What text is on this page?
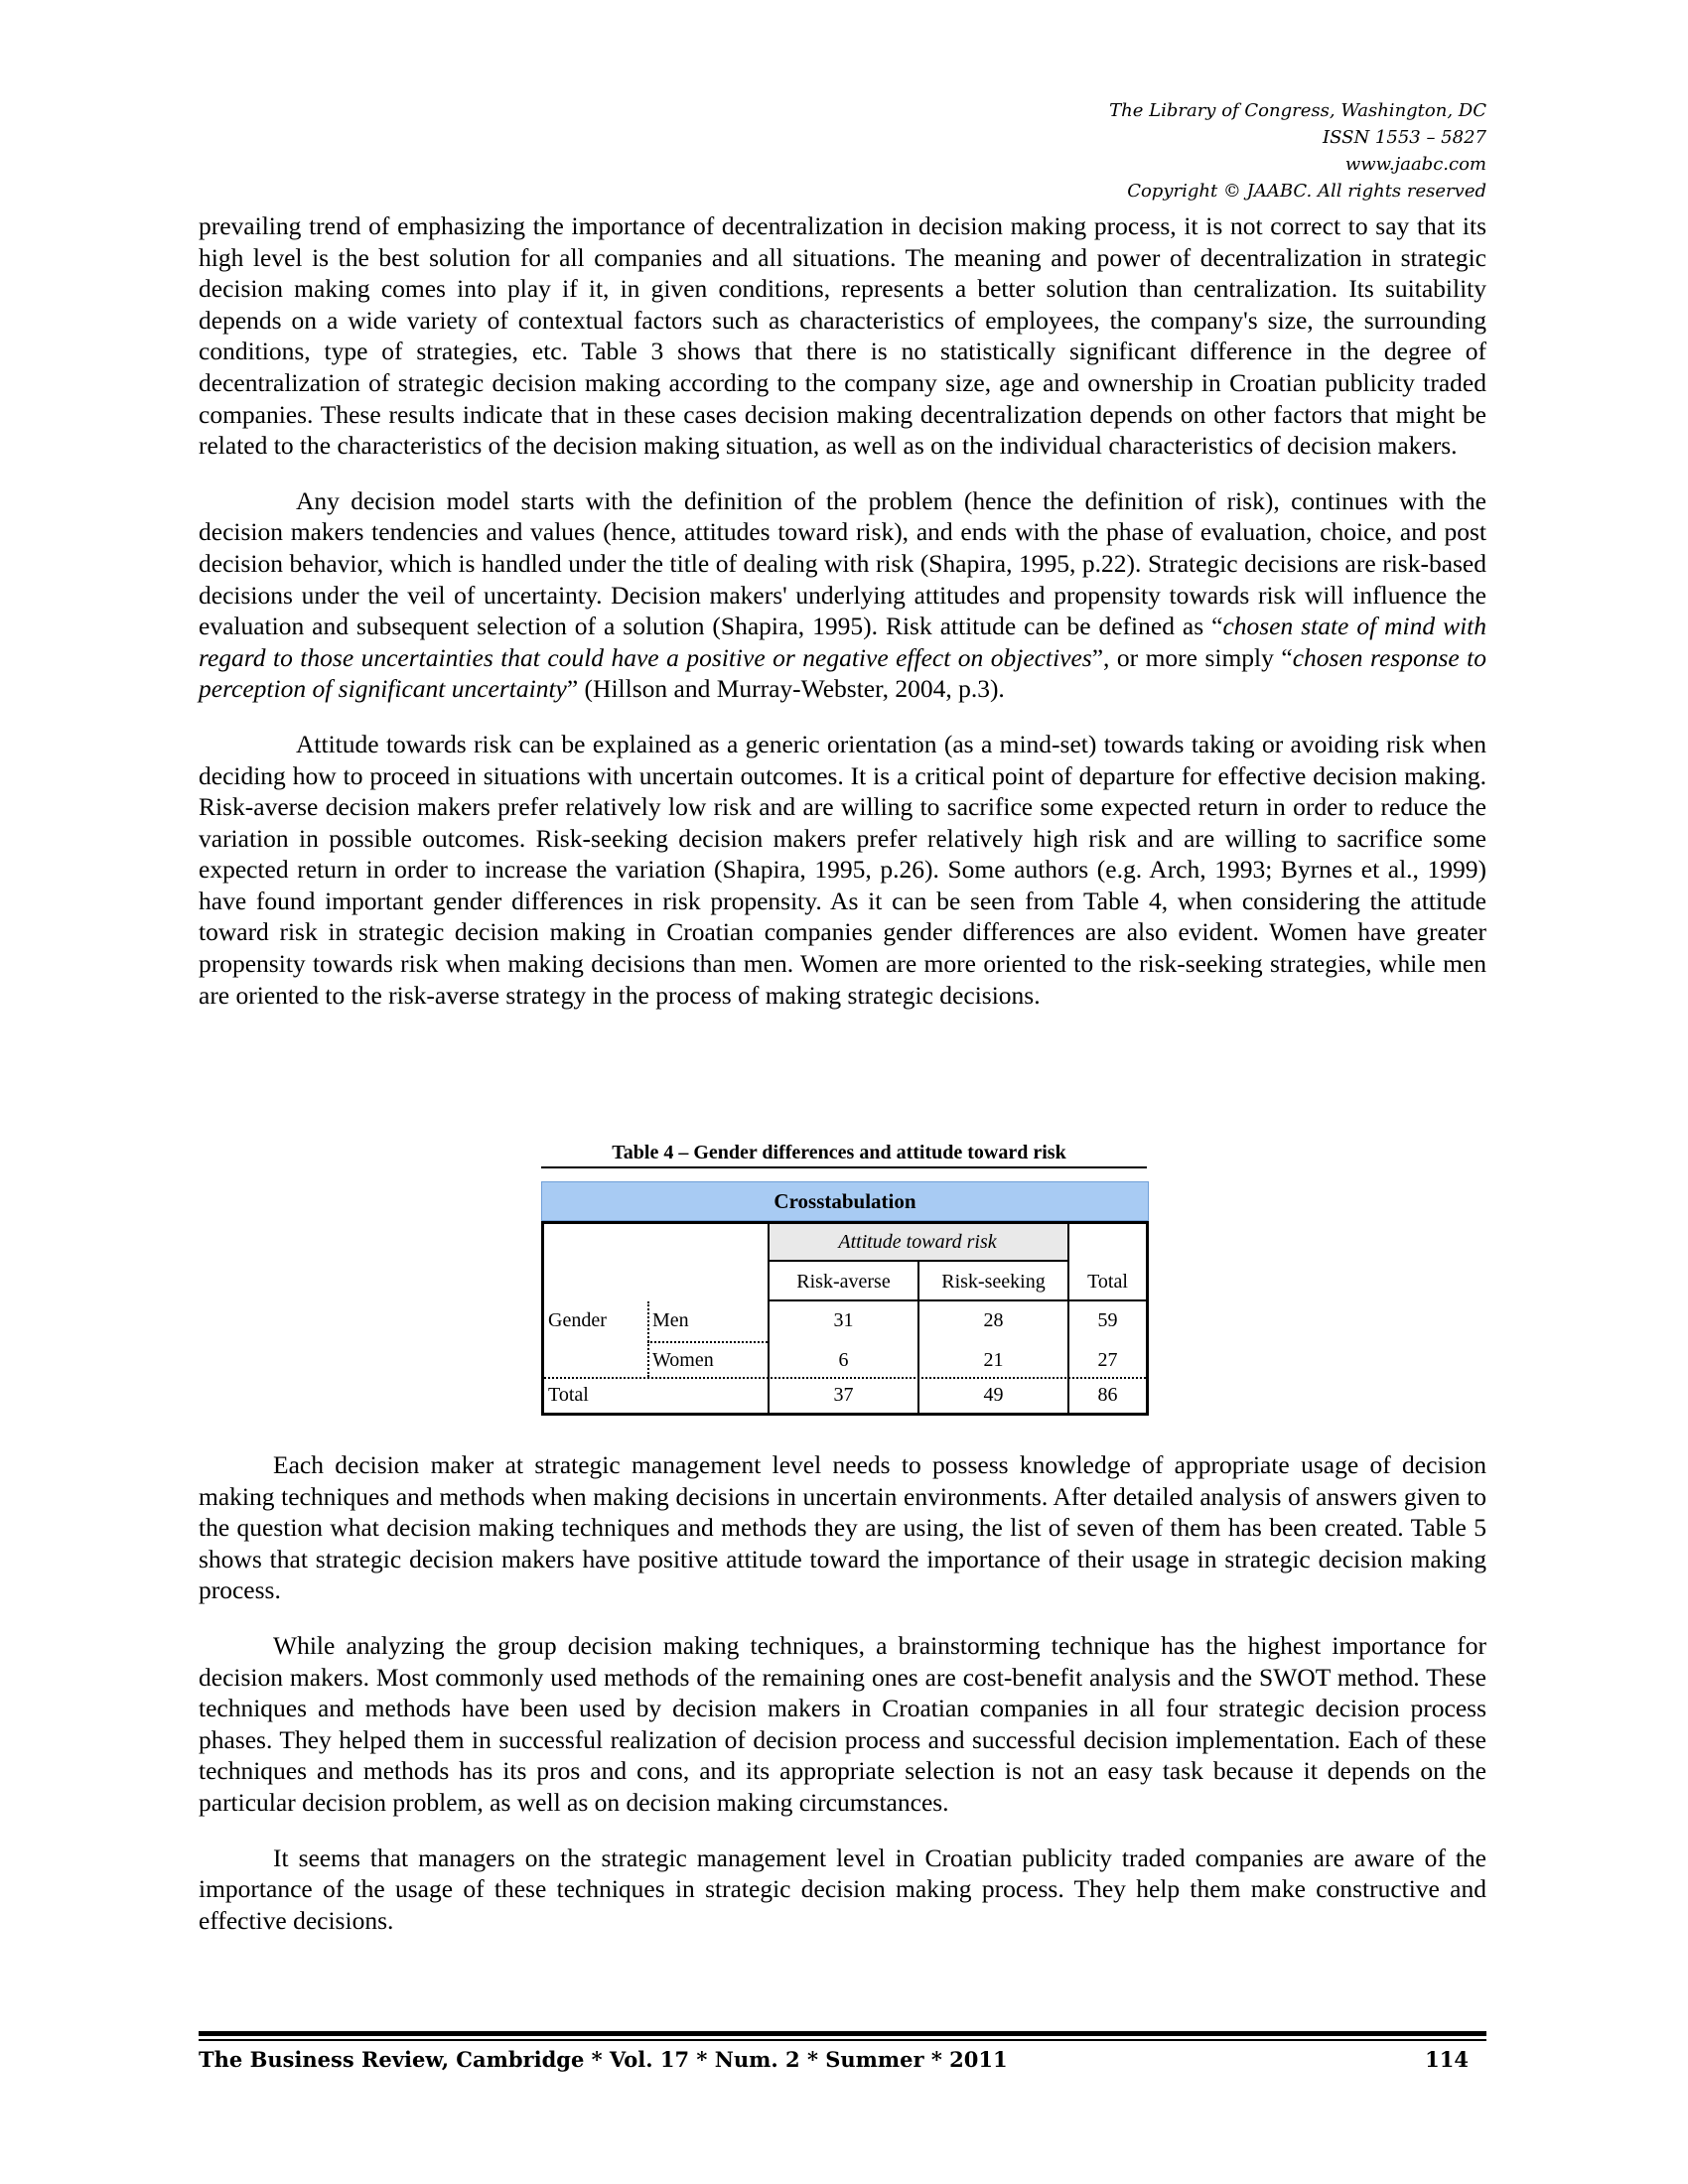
The Library of Congress, Washington, DC
ISSN 1553 – 5827
www.jaabc.com
Copyright © JAABC. All rights reserved

prevailing trend of emphasizing the importance of decentralization in decision making process, it is not correct to say that its high level is the best solution for all companies and all situations. The meaning and power of decentralization in strategic decision making comes into play if it, in given conditions, represents a better solution than centralization. Its suitability depends on a wide variety of contextual factors such as characteristics of employees, the company's size, the surrounding conditions, type of strategies, etc. Table 3 shows that there is no statistically significant difference in the degree of decentralization of strategic decision making according to the company size, age and ownership in Croatian publicity traded companies. These results indicate that in these cases decision making decentralization depends on other factors that might be related to the characteristics of the decision making situation, as well as on the individual characteristics of decision makers.

Any decision model starts with the definition of the problem (hence the definition of risk), continues with the decision makers tendencies and values (hence, attitudes toward risk), and ends with the phase of evaluation, choice, and post decision behavior, which is handled under the title of dealing with risk (Shapira, 1995, p.22). Strategic decisions are risk-based decisions under the veil of uncertainty. Decision makers' underlying attitudes and propensity towards risk will influence the evaluation and subsequent selection of a solution (Shapira, 1995). Risk attitude can be defined as “chosen state of mind with regard to those uncertainties that could have a positive or negative effect on objectives”, or more simply “chosen response to perception of significant uncertainty” (Hillson and Murray-Webster, 2004, p.3).

Attitude towards risk can be explained as a generic orientation (as a mind-set) towards taking or avoiding risk when deciding how to proceed in situations with uncertain outcomes. It is a critical point of departure for effective decision making. Risk-averse decision makers prefer relatively low risk and are willing to sacrifice some expected return in order to reduce the variation in possible outcomes. Risk-seeking decision makers prefer relatively high risk and are willing to sacrifice some expected return in order to increase the variation (Shapira, 1995, p.26). Some authors (e.g. Arch, 1993; Byrnes et al., 1999) have found important gender differences in risk propensity. As it can be seen from Table 4, when considering the attitude toward risk in strategic decision making in Croatian companies gender differences are also evident. Women have greater propensity towards risk when making decisions than men. Women are more oriented to the risk-seeking strategies, while men are oriented to the risk-averse strategy in the process of making strategic decisions.

Table 4 – Gender differences and attitude toward risk
Crosstabulation
Attitude toward risk
Risk-averse	Risk-seeking	Total
Gender Men	31	28	59
Women	6	21	27
Total	37	49	86

Each decision maker at strategic management level needs to possess knowledge of appropriate usage of decision making techniques and methods when making decisions in uncertain environments. After detailed analysis of answers given to the question what decision making techniques and methods they are using, the list of seven of them has been created. Table 5 shows that strategic decision makers have positive attitude toward the importance of their usage in strategic decision making process.

While analyzing the group decision making techniques, a brainstorming technique has the highest importance for decision makers. Most commonly used methods of the remaining ones are cost-benefit analysis and the SWOT method. These techniques and methods have been used by decision makers in Croatian companies in all four strategic decision process phases. They helped them in successful realization of decision process and successful decision implementation. Each of these techniques and methods has its pros and cons, and its appropriate selection is not an easy task because it depends on the particular decision problem, as well as on decision making circumstances.

It seems that managers on the strategic management level in Croatian publicity traded companies are aware of the importance of the usage of these techniques in strategic decision making process. They help them make constructive and effective decisions.

The Business Review, Cambridge * Vol. 17 * Num. 2 * Summer * 2011	114
